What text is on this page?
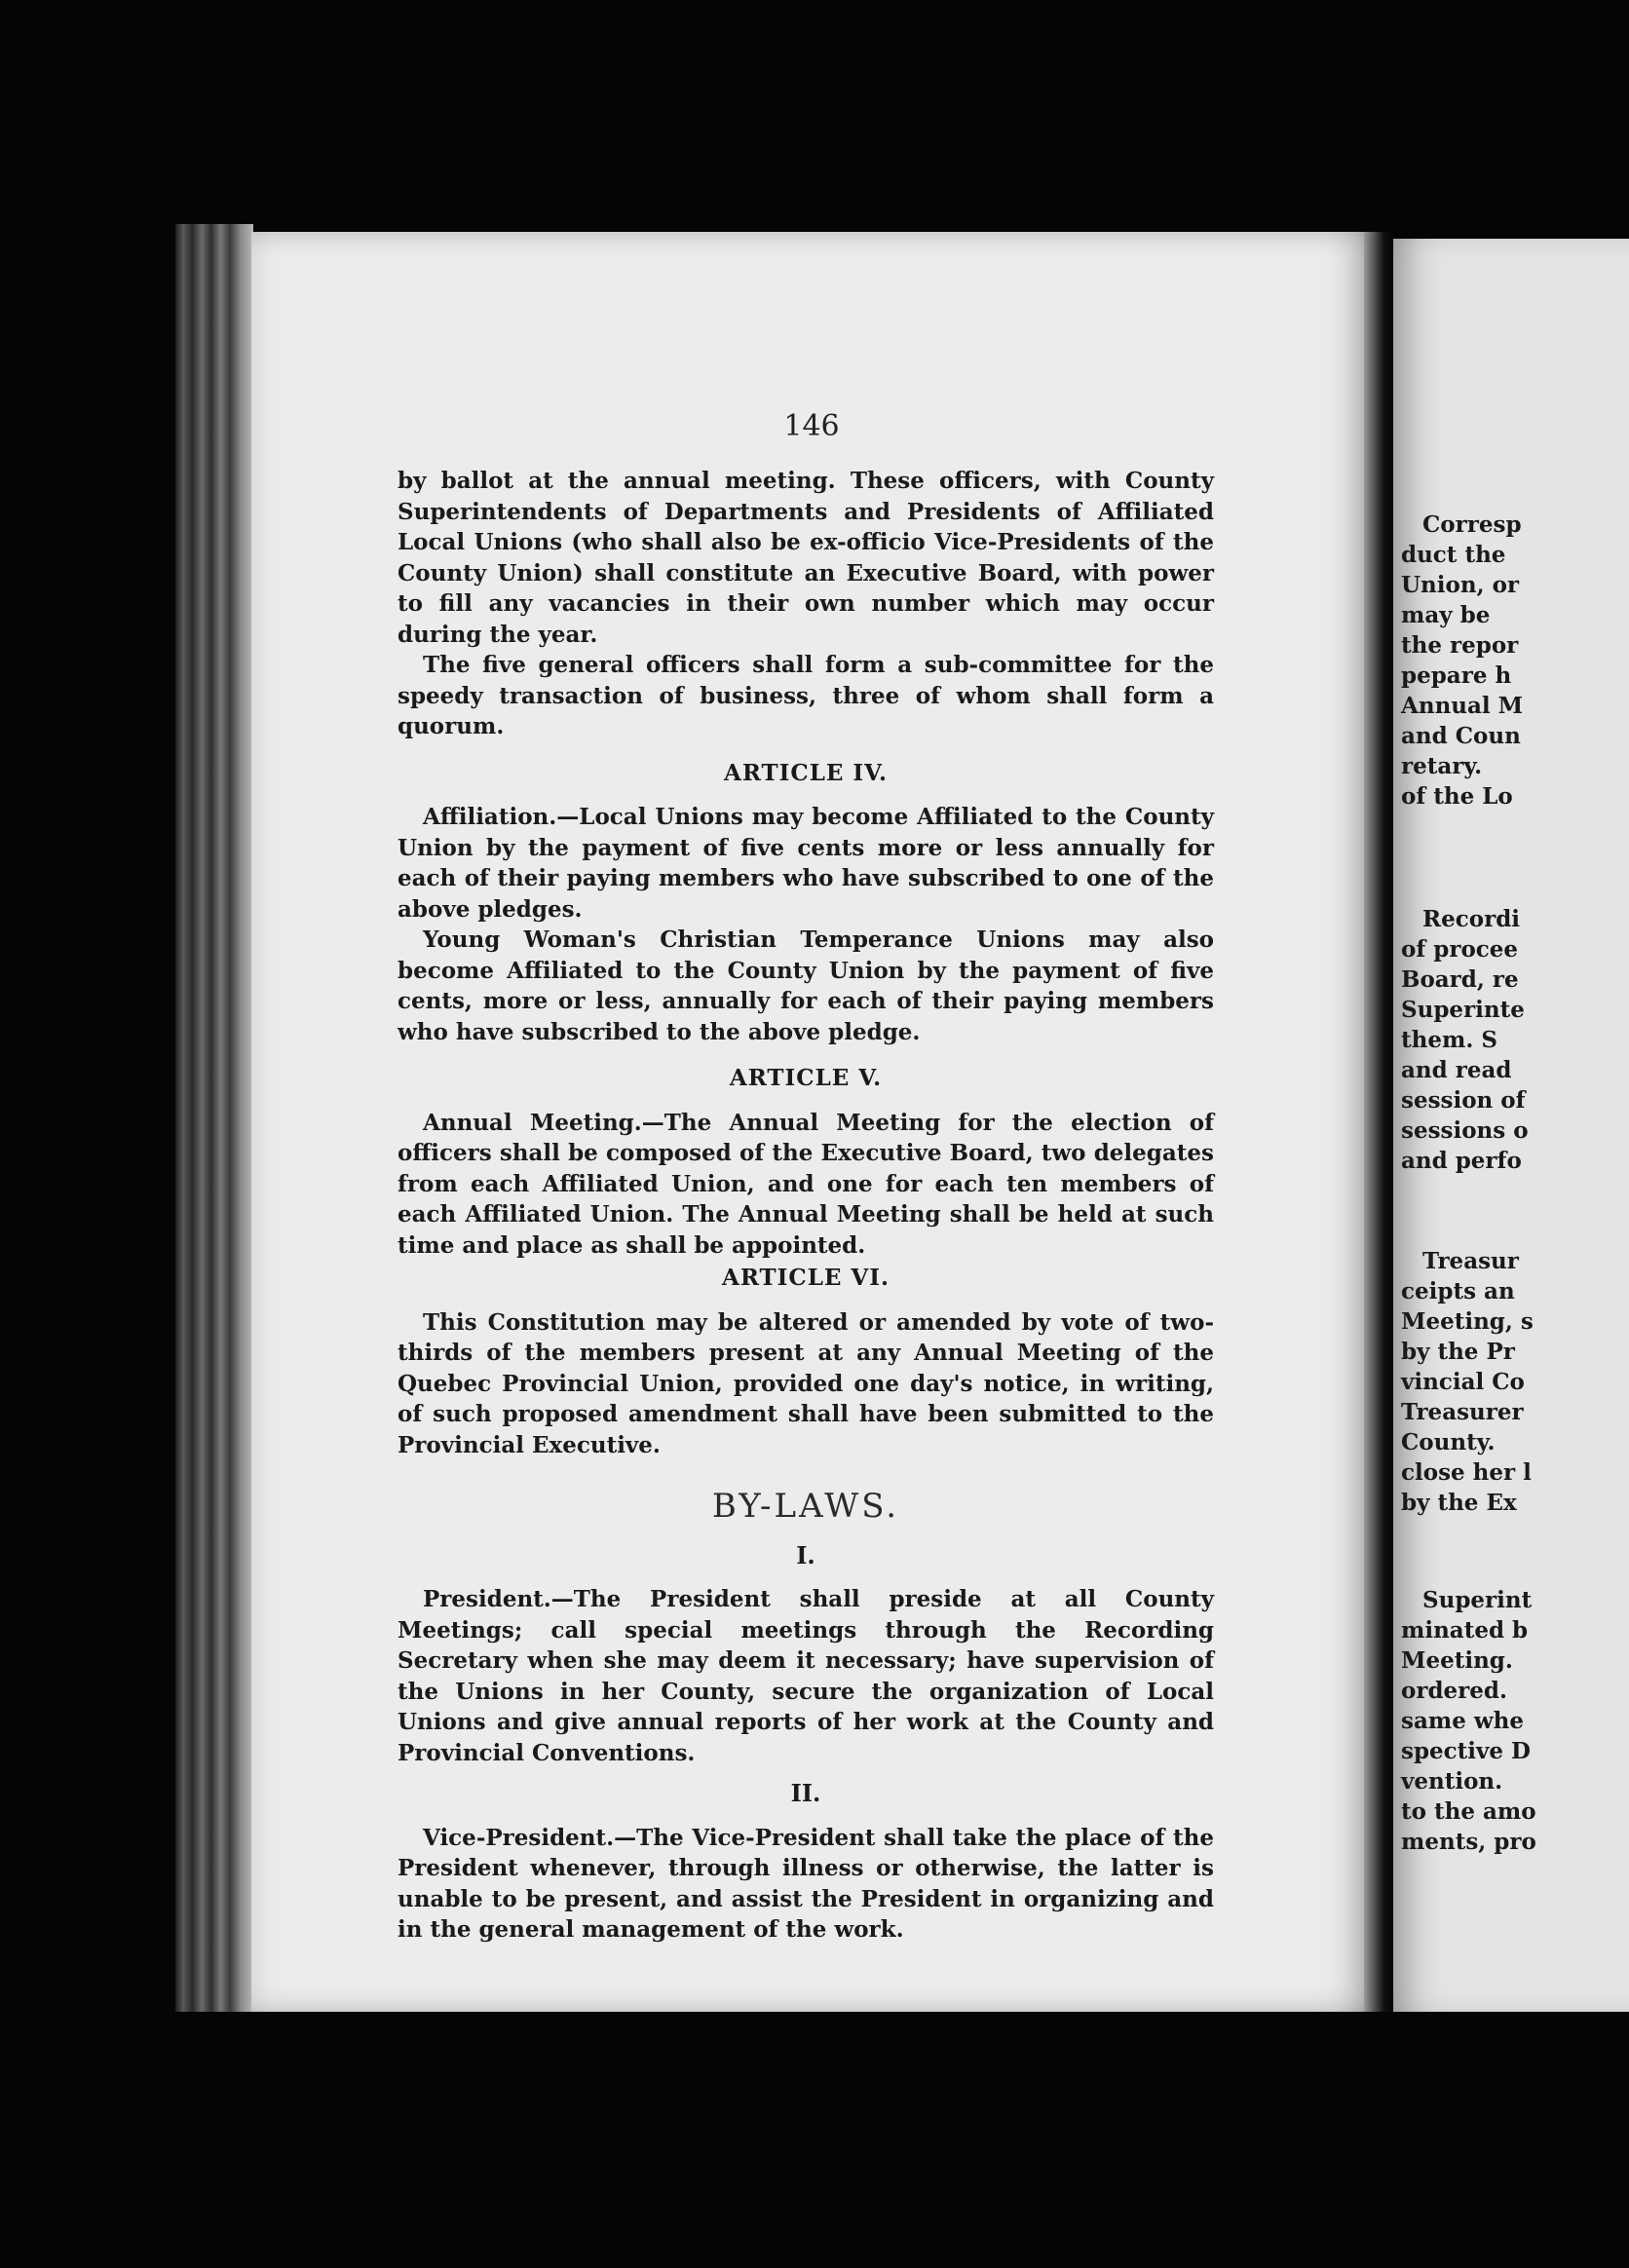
Corresp
duct the
Union, or
may be
the repor
pepare h
Annual M
and Coun
retary.
of the Lo
Recordi
of procee
Board, re
Superinte
them. S
and read
session of
sessions o
and perfo
Treasur
ceipts an
Meeting, s
by the Pr
vincial Co
Treasurer
County.
close her l
by the Ex
Superint
minated b
Meeting.
ordered.
same whe
spective D
vention.
to the amo
ments, pro
146

by ballot at the annual meeting. These officers, with County Superintendents of Departments and Presidents of Affiliated Local Unions (who shall also be ex-officio Vice-Presidents of the County Union) shall constitute an Executive Board, with power to fill any vacancies in their own number which may occur during the year.

The five general officers shall form a sub-committee for the speedy transaction of business, three of whom shall form a quorum.

ARTICLE IV.

Affiliation.—Local Unions may become Affiliated to the County Union by the payment of five cents more or less annually for each of their paying members who have subscribed to one of the above pledges.

Young Woman's Christian Temperance Unions may also become Affiliated to the County Union by the payment of five cents, more or less, annually for each of their paying members who have subscribed to the above pledge.

ARTICLE V.

Annual Meeting.—The Annual Meeting for the election of officers shall be composed of the Executive Board, two delegates from each Affiliated Union, and one for each ten members of each Affiliated Union. The Annual Meeting shall be held at such time and place as shall be appointed.

ARTICLE VI.

This Constitution may be altered or amended by vote of two-thirds of the members present at any Annual Meeting of the Quebec Provincial Union, provided one day's notice, in writing, of such proposed amendment shall have been submitted to the Provincial Executive.

BY-LAWS.
I.

President.—The President shall preside at all County Meetings; call special meetings through the Recording Secretary when she may deem it necessary; have supervision of the Unions in her County, secure the organization of Local Unions and give annual reports of her work at the County and Provincial Conventions.

II.

Vice-President.—The Vice-President shall take the place of the President whenever, through illness or otherwise, the latter is unable to be present, and assist the President in organizing and in the general management of the work.
